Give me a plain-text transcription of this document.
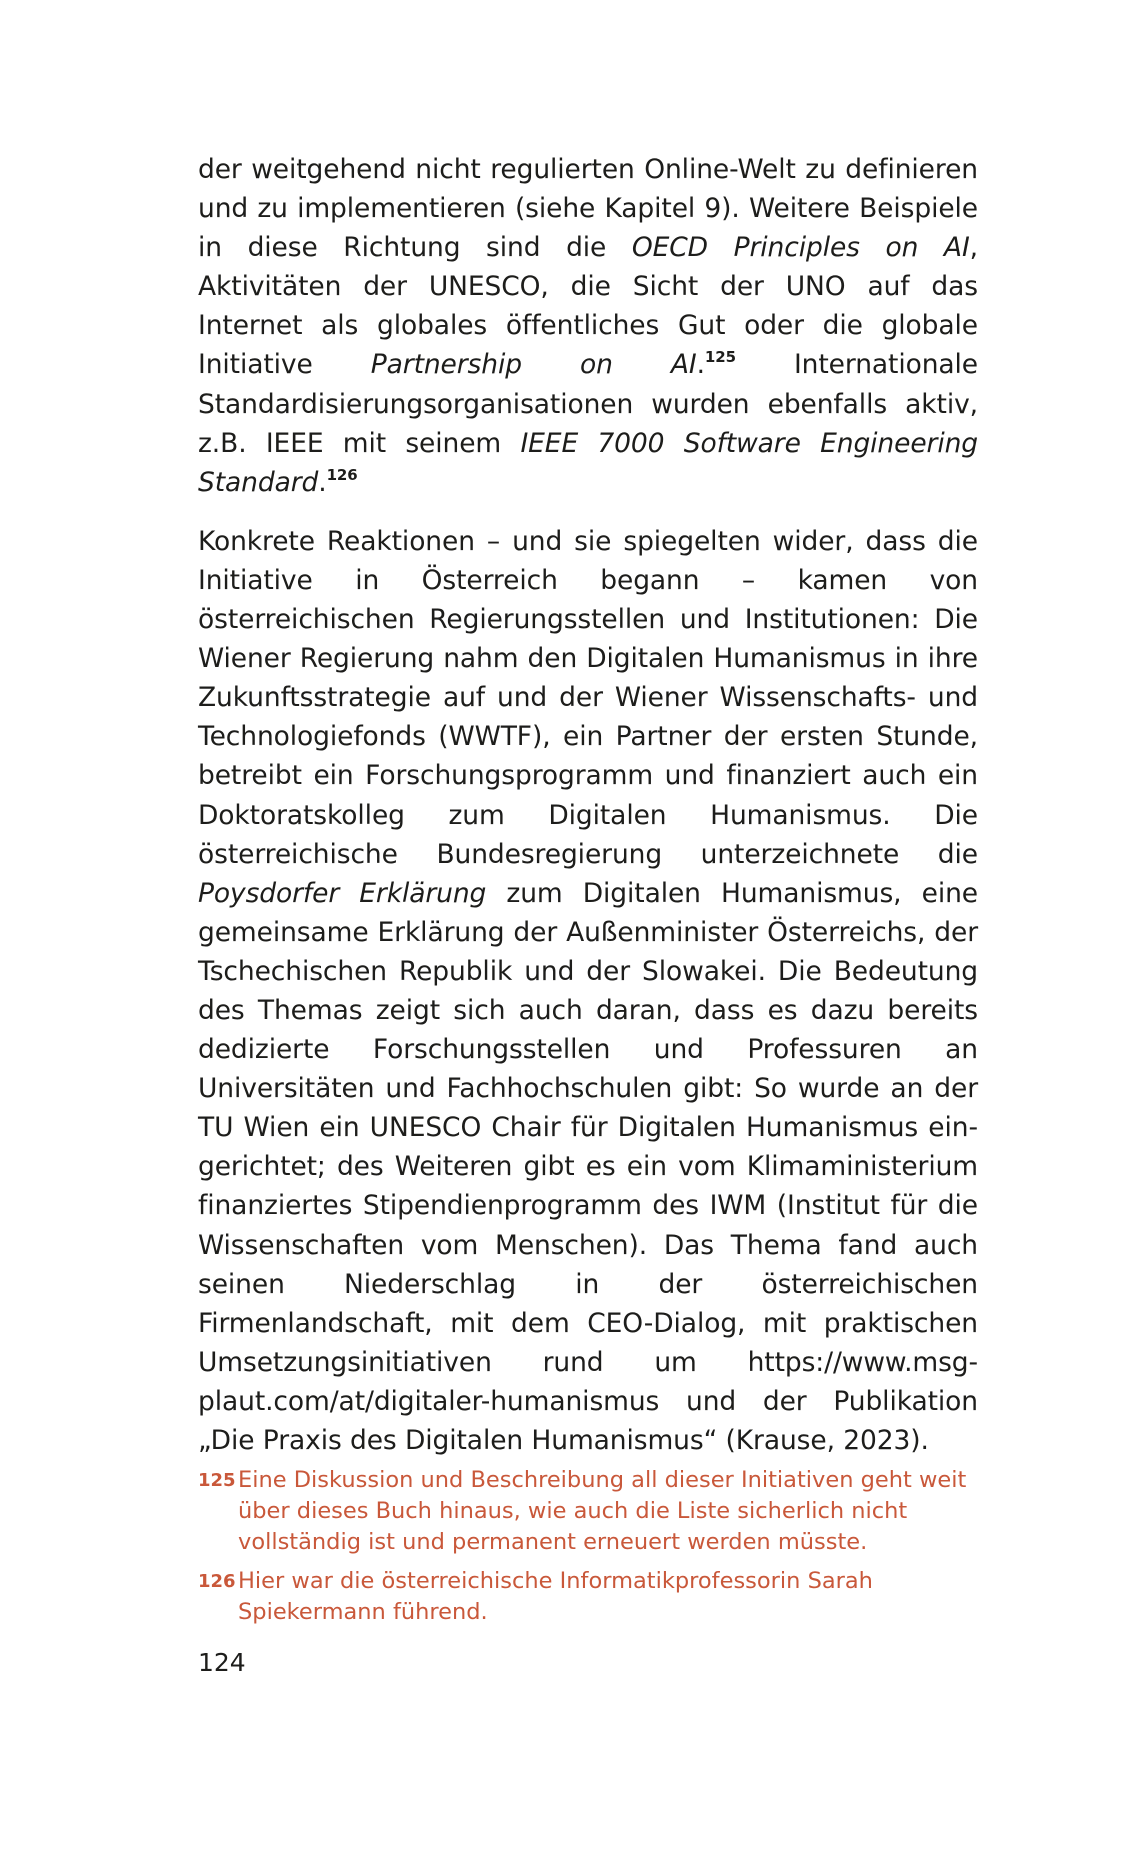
der weitgehend nicht regulierten Online-Welt zu definieren und zu implementieren (siehe Kapitel 9). Weitere Beispiele in diese Richtung sind die OECD Principles on AI, Aktivitäten der UNESCO, die Sicht der UNO auf das Internet als globales öffentliches Gut oder die globale Initiative Partnership on AI.$^{125}$ Internationale Standardisierungsorganisationen wurden ebenfalls aktiv, z.B. IEEE mit seinem IEEE 7000 Software Engineering Standard.$^{126}$

Konkrete Reaktionen – und sie spiegelten wider, dass die Initiative in Österreich begann – kamen von österreichischen Regierungsstellen und Institutionen: Die Wiener Regierung nahm den Digitalen Humanismus in ihre Zukunftsstrategie auf und der Wiener Wissenschafts- und Technologiefonds (WWTF), ein Partner der ersten Stunde, betreibt ein Forschungsprogramm und finanziert auch ein Doktoratskolleg zum Digitalen Humanismus. Die österreichische Bundesregierung unterzeichnete die Poysdorfer Erklärung zum Digitalen Humanismus, eine gemeinsame Erklärung der Außenminister Österreichs, der Tschechischen Republik und der Slowakei. Die Bedeutung des Themas zeigt sich auch daran, dass es dazu bereits dedizierte Forschungsstellen und Professuren an Universitäten und Fachhochschulen gibt: So wurde an der TU Wien ein UNESCO Chair für Digitalen Humanismus eingerichtet; des Weiteren gibt es ein vom Klimaministerium finanziertes Stipendienprogramm des IWM (Institut für die Wissenschaften vom Menschen). Das Thema fand auch seinen Niederschlag in der österreichischen Firmenlandschaft, mit dem CEO-Dialog, mit praktischen Umsetzungsinitiativen rund um https://www.msg-plaut.com/at/digitaler-humanismus und der Publikation „Die Praxis des Digitalen Humanismus“ (Krause, 2023).

125 Eine Diskussion und Beschreibung all dieser Initiativen geht weit über dieses Buch hinaus, wie auch die Liste sicherlich nicht vollständig ist und permanent erneuert werden müsste.
126 Hier war die österreichische Informatikprofessorin Sarah Spiekermann führend.
124
